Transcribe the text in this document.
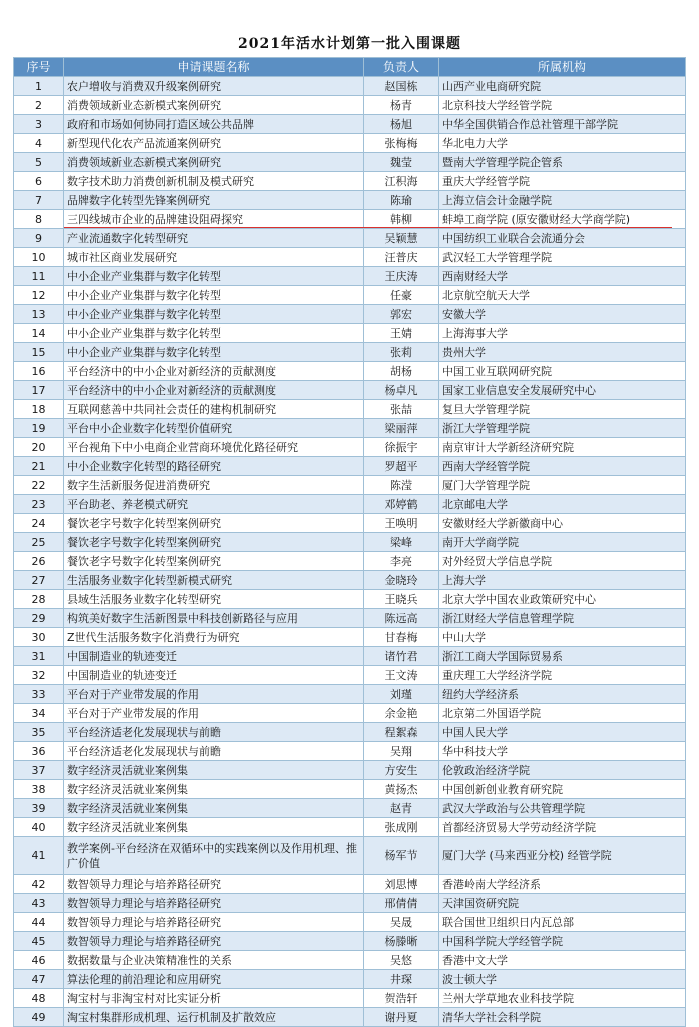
2021年活水计划第一批入围课题
序号	申请课题名称	负责人	所属机构
1	农户增收与消费双升级案例研究	赵国栋	山西产业电商研究院
2	消费领域新业态新模式案例研究	杨青	北京科技大学经管学院
3	政府和市场如何协同打造区域公共品牌	杨旭	中华全国供销合作总社管理干部学院
4	新型现代化农产品流通案例研究	张梅梅	华北电力大学
5	消费领域新业态新模式案例研究	魏莹	暨南大学管理学院企管系
6	数字技术助力消费创新机制及模式研究	江积海	重庆大学经管学院
7	品牌数字化转型先锋案例研究	陈瑜	上海立信会计金融学院
8	三四线城市企业的品牌建设阻碍探究	韩柳	蚌埠工商学院 (原安徽财经大学商学院)
9	产业流通数字化转型研究	吴颖慧	中国纺织工业联合会流通分会
10	城市社区商业发展研究	汪普庆	武汉轻工大学管理学院
11	中小企业产业集群与数字化转型	王庆涛	西南财经大学
12	中小企业产业集群与数字化转型	任豪	北京航空航天大学
13	中小企业产业集群与数字化转型	郭宏	安徽大学
14	中小企业产业集群与数字化转型	王婧	上海海事大学
15	中小企业产业集群与数字化转型	张莉	贵州大学
16	平台经济中的中小企业对新经济的贡献测度	胡杨	中国工业互联网研究院
17	平台经济中的中小企业对新经济的贡献测度	杨卓凡	国家工业信息安全发展研究中心
18	互联网慈善中共同社会责任的建构机制研究	张喆	复旦大学管理学院
19	平台中小企业数字化转型价值研究	梁丽萍	浙江大学管理学院
20	平台视角下中小电商企业营商环境优化路径研究	徐振宇	南京审计大学新经济研究院
21	中小企业数字化转型的路径研究	罗超平	西南大学经管学院
22	数字生活新服务促进消费研究	陈滢	厦门大学管理学院
23	平台助老、养老模式研究	邓婷鹤	北京邮电大学
24	餐饮老字号数字化转型案例研究	王唤明	安徽财经大学新徽商中心
25	餐饮老字号数字化转型案例研究	梁峰	南开大学商学院
26	餐饮老字号数字化转型案例研究	李亮	对外经贸大学信息学院
27	生活服务业数字化转型新模式研究	金晓玲	上海大学
28	县域生活服务业数字化转型研究	王晓兵	北京大学中国农业政策研究中心
29	构筑美好数字生活新图景中科技创新路径与应用	陈远高	浙江财经大学信息管理学院
30	Z世代生活服务数字化消费行为研究	甘春梅	中山大学
31	中国制造业的轨迹变迁	诸竹君	浙江工商大学国际贸易系
32	中国制造业的轨迹变迁	王文涛	重庆理工大学经济学院
33	平台对于产业带发展的作用	刘瑾	纽约大学经济系
34	平台对于产业带发展的作用	余金艳	北京第二外国语学院
35	平台经济适老化发展现状与前瞻	程絮森	中国人民大学
36	平台经济适老化发展现状与前瞻	吴翔	华中科技大学
37	数字经济灵活就业案例集	方安生	伦敦政治经济学院
38	数字经济灵活就业案例集	黄扬杰	中国创新创业教育研究院
39	数字经济灵活就业案例集	赵青	武汉大学政治与公共管理学院
40	数字经济灵活就业案例集	张成刚	首都经济贸易大学劳动经济学院
41	教学案例-平台经济在双循环中的实践案例以及作用机理、推广价值	杨军节	厦门大学 (马来西亚分校) 经管学院
42	数智领导力理论与培养路径研究	刘思博	香港岭南大学经济系
43	数智领导力理论与培养路径研究	邢倩倩	天津国资研究院
44	数智领导力理论与培养路径研究	吴晟	联合国世卫组织日内瓦总部
45	数智领导力理论与培养路径研究	杨滕晰	中国科学院大学经管学院
46	数据数量与企业决策精准性的关系	吴悠	香港中文大学
47	算法伦理的前沿理论和应用研究	井琛	波士顿大学
48	淘宝村与非淘宝村对比实证分析	贺浩轩	兰州大学草地农业科技学院
49	淘宝村集群形成机理、运行机制及扩散效应	谢丹夏	清华大学社会科学院
